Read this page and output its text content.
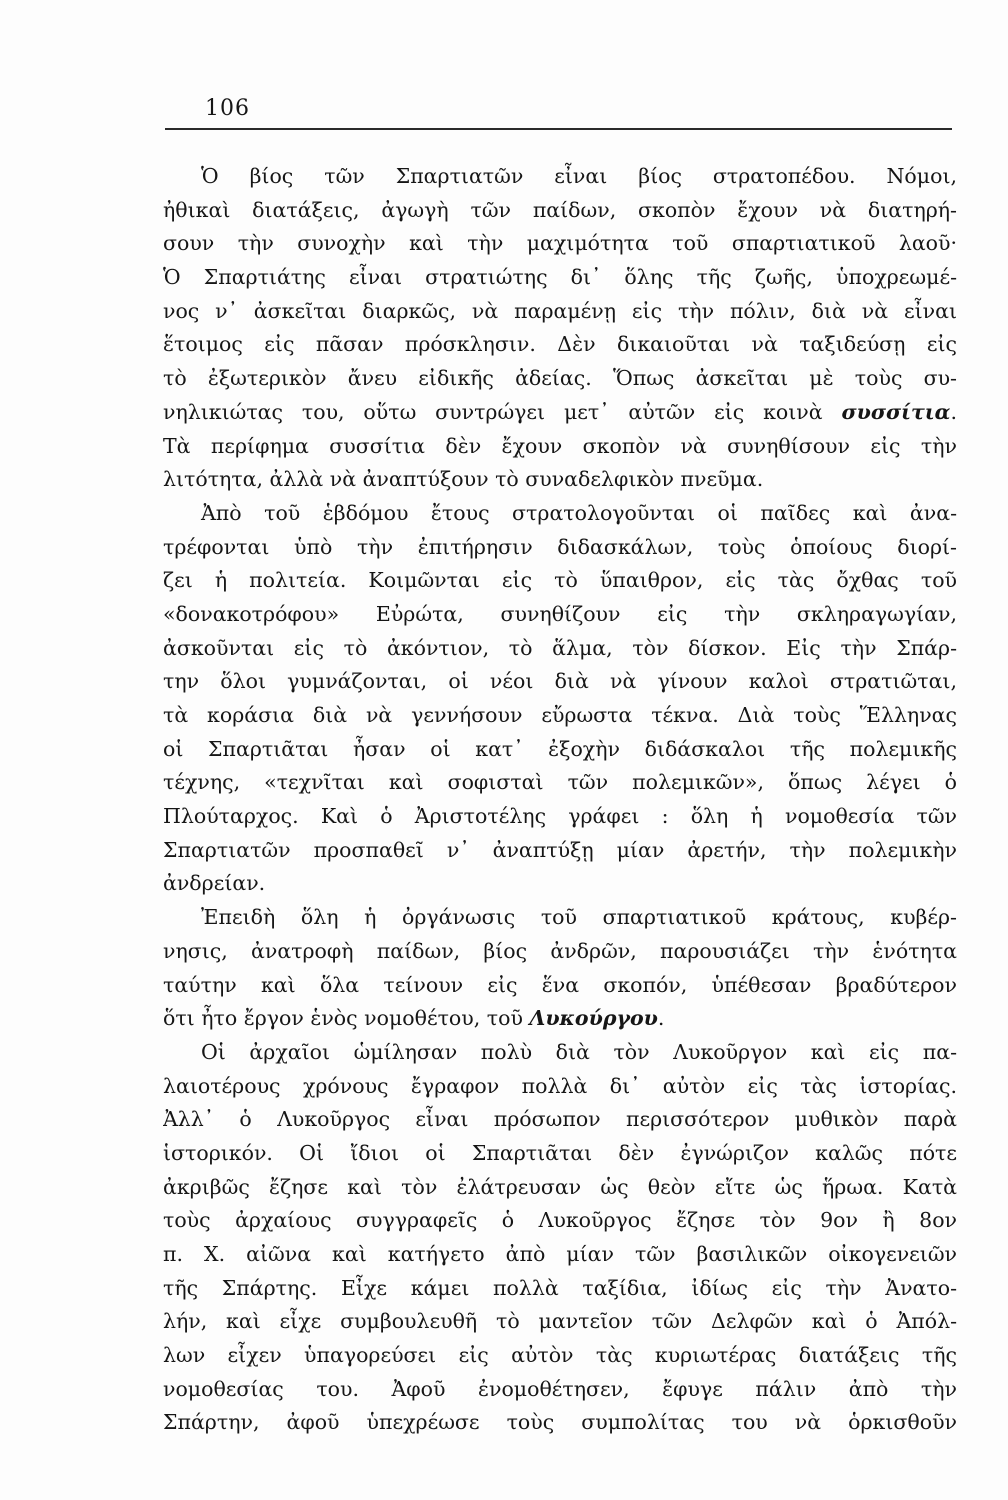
106
Ὁ βίος τῶν Σπαρτιατῶν εἶναι βίος στρατοπέδου. Νόμοι,
ἠθικαὶ διατάξεις, ἀγωγὴ τῶν παίδων, σκοπὸν ἔχουν νὰ διατηρή-
σουν τὴν συνοχὴν καὶ τὴν μαχιμότητα τοῦ σπαρτιατικοῦ λαοῦ·
Ὁ Σπαρτιάτης εἶναι στρατιώτης δι᾿ ὅλης τῆς ζωῆς, ὑποχρεωμέ-
νος ν᾿ ἀσκεῖται διαρκῶς, νὰ παραμένῃ εἰς τὴν πόλιν, διὰ νὰ εἶναι
ἕτοιμος εἰς πᾶσαν πρόσκλησιν. Δὲν δικαιοῦται νὰ ταξιδεύσῃ εἰς
τὸ ἐξωτερικὸν ἄνευ εἰδικῆς ἀδείας. Ὅπως ἀσκεῖται μὲ τοὺς συ-
νηλικιώτας του, οὕτω συντρώγει μετ᾿ αὐτῶν εἰς κοινὰ συσσίτια.
Τὰ περίφημα συσσίτια δὲν ἔχουν σκοπὸν νὰ συνηθίσουν εἰς τὴν
λιτότητα, ἀλλὰ νὰ ἀναπτύξουν τὸ συναδελφικὸν πνεῦμα.
Ἀπὸ τοῦ ἑβδόμου ἔτους στρατολογοῦνται οἱ παῖδες καὶ ἀνα-
τρέφονται ὑπὸ τὴν ἐπιτήρησιν διδασκάλων, τοὺς ὁποίους διορί-
ζει ἡ πολιτεία. Κοιμῶνται εἰς τὸ ὕπαιθρον, εἰς τὰς ὄχθας τοῦ
«δονακοτρόφου» Εὐρώτα, συνηθίζουν εἰς τὴν σκληραγωγίαν,
ἀσκοῦνται εἰς τὸ ἀκόντιον, τὸ ἅλμα, τὸν δίσκον. Εἰς τὴν Σπάρ-
την ὅλοι γυμνάζονται, οἱ νέοι διὰ νὰ γίνουν καλοὶ στρατιῶται,
τὰ κοράσια διὰ νὰ γεννήσουν εὔρωστα τέκνα. Διὰ τοὺς Ἕλληνας
οἱ Σπαρτιᾶται ἦσαν οἱ κατ᾿ ἐξοχὴν διδάσκαλοι τῆς πολεμικῆς
τέχνης, «τεχνῖται καὶ σοφισταὶ τῶν πολεμικῶν», ὅπως λέγει ὁ
Πλούταρχος. Καὶ ὁ Ἀριστοτέλης γράφει : ὅλη ἡ νομοθεσία τῶν
Σπαρτιατῶν προσπαθεῖ ν᾿ ἀναπτύξῃ μίαν ἀρετήν, τὴν πολεμικὴν
ἀνδρείαν.
Ἐπειδὴ ὅλη ἡ ὀργάνωσις τοῦ σπαρτιατικοῦ κράτους, κυβέρ-
νησις, ἀνατροφὴ παίδων, βίος ἀνδρῶν, παρουσιάζει τὴν ἑνότητα
ταύτην καὶ ὅλα τείνουν εἰς ἕνα σκοπόν, ὑπέθεσαν βραδύτερον
ὅτι ἦτο ἔργον ἑνὸς νομοθέτου, τοῦ Λυκούργου.
Οἱ ἀρχαῖοι ὡμίλησαν πολὺ διὰ τὸν Λυκοῦργον καὶ εἰς πα-
λαιοτέρους χρόνους ἔγραφον πολλὰ δι᾿ αὐτὸν εἰς τὰς ἱστορίας.
Ἀλλ᾿ ὁ Λυκοῦργος εἶναι πρόσωπον περισσότερον μυθικὸν παρὰ
ἱστορικόν. Οἱ ἴδιοι οἱ Σπαρτιᾶται δὲν ἐγνώριζον καλῶς πότε
ἀκριβῶς ἔζησε καὶ τὸν ἐλάτρευσαν ὡς θεὸν εἴτε ὡς ἥρωα. Κατὰ
τοὺς ἀρχαίους συγγραφεῖς ὁ Λυκοῦργος ἔζησε τὸν 9ον ἢ 8ον
π. Χ. αἰῶνα καὶ κατήγετο ἀπὸ μίαν τῶν βασιλικῶν οἰκογενειῶν
τῆς Σπάρτης. Εἶχε κάμει πολλὰ ταξίδια, ἰδίως εἰς τὴν Ἀνατο-
λήν, καὶ εἶχε συμβουλευθῆ τὸ μαντεῖον τῶν Δελφῶν καὶ ὁ Ἀπόλ-
λων εἶχεν ὑπαγορεύσει εἰς αὐτὸν τὰς κυριωτέρας διατάξεις τῆς
νομοθεσίας του. Ἀφοῦ ἐνομοθέτησεν, ἔφυγε πάλιν ἀπὸ τὴν
Σπάρτην, ἀφοῦ ὑπεχρέωσε τοὺς συμπολίτας του νὰ ὁρκισθοῦν
